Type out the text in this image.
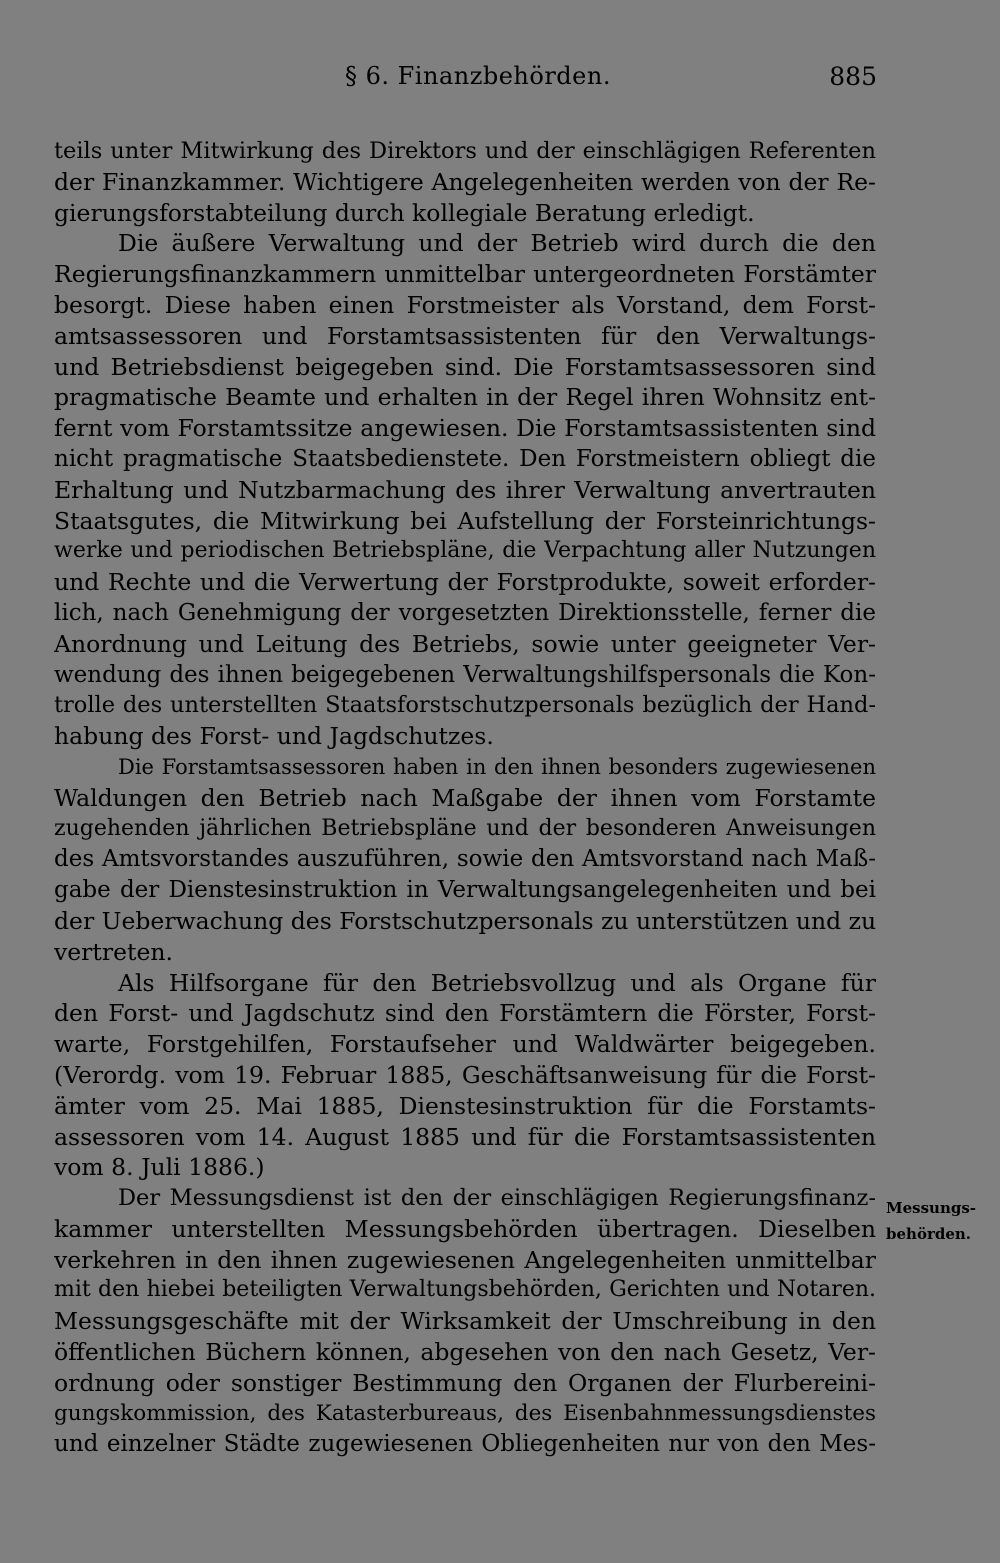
§ 6. Finanzbehörden.	885
teils unter Mitwirkung des Direktors und der einschlägigen Referenten
der Finanzkammer. Wichtigere Angelegenheiten werden von der Re-
gierungsforstabteilung durch kollegiale Beratung erledigt.
Die äußere Verwaltung und der Betrieb wird durch die den
Regierungsfinanzkammern unmittelbar untergeordneten Forstämter
besorgt. Diese haben einen Forstmeister als Vorstand, dem Forst-
amtsassessoren und Forstamtsassistenten für den Verwaltungs-
und Betriebsdienst beigegeben sind. Die Forstamtsassessoren sind
pragmatische Beamte und erhalten in der Regel ihren Wohnsitz ent-
fernt vom Forstamtssitze angewiesen. Die Forstamtsassistenten sind
nicht pragmatische Staatsbedienstete. Den Forstmeistern obliegt die
Erhaltung und Nutzbarmachung des ihrer Verwaltung anvertrauten
Staatsgutes, die Mitwirkung bei Aufstellung der Forsteinrichtungs-
werke und periodischen Betriebspläne, die Verpachtung aller Nutzungen
und Rechte und die Verwertung der Forstprodukte, soweit erforder-
lich, nach Genehmigung der vorgesetzten Direktionsstelle, ferner die
Anordnung und Leitung des Betriebs, sowie unter geeigneter Ver-
wendung des ihnen beigegebenen Verwaltungshilfspersonals die Kon-
trolle des unterstellten Staatsforstschutzpersonals bezüglich der Hand-
habung des Forst- und Jagdschutzes.
Die Forstamtsassessoren haben in den ihnen besonders zugewiesenen
Waldungen den Betrieb nach Maßgabe der ihnen vom Forstamte
zugehenden jährlichen Betriebspläne und der besonderen Anweisungen
des Amtsvorstandes auszuführen, sowie den Amtsvorstand nach Maß-
gabe der Dienstesinstruktion in Verwaltungsangelegenheiten und bei
der Ueberwachung des Forstschutzpersonals zu unterstützen und zu
vertreten.
Als Hilfsorgane für den Betriebsvollzug und als Organe für
den Forst- und Jagdschutz sind den Forstämtern die Förster, Forst-
warte, Forstgehilfen, Forstaufseher und Waldwärter beigegeben.
(Verordg. vom 19. Februar 1885, Geschäftsanweisung für die Forst-
ämter vom 25. Mai 1885, Dienstesinstruktion für die Forstamts-
assessoren vom 14. August 1885 und für die Forstamtsassistenten
vom 8. Juli 1886.)
Der Messungsdienst ist den der einschlägigen Regierungsfinanz-
kammer unterstellten Messungsbehörden übertragen. Dieselben
verkehren in den ihnen zugewiesenen Angelegenheiten unmittelbar
mit den hiebei beteiligten Verwaltungsbehörden, Gerichten und Notaren.
Messungsgeschäfte mit der Wirksamkeit der Umschreibung in den
öffentlichen Büchern können, abgesehen von den nach Gesetz, Ver-
ordnung oder sonstiger Bestimmung den Organen der Flurbereini-
gungskommission, des Katasterbureaus, des Eisenbahnmessungsdienstes
und einzelner Städte zugewiesenen Obliegenheiten nur von den Mes-
Messungs-
behörden.
